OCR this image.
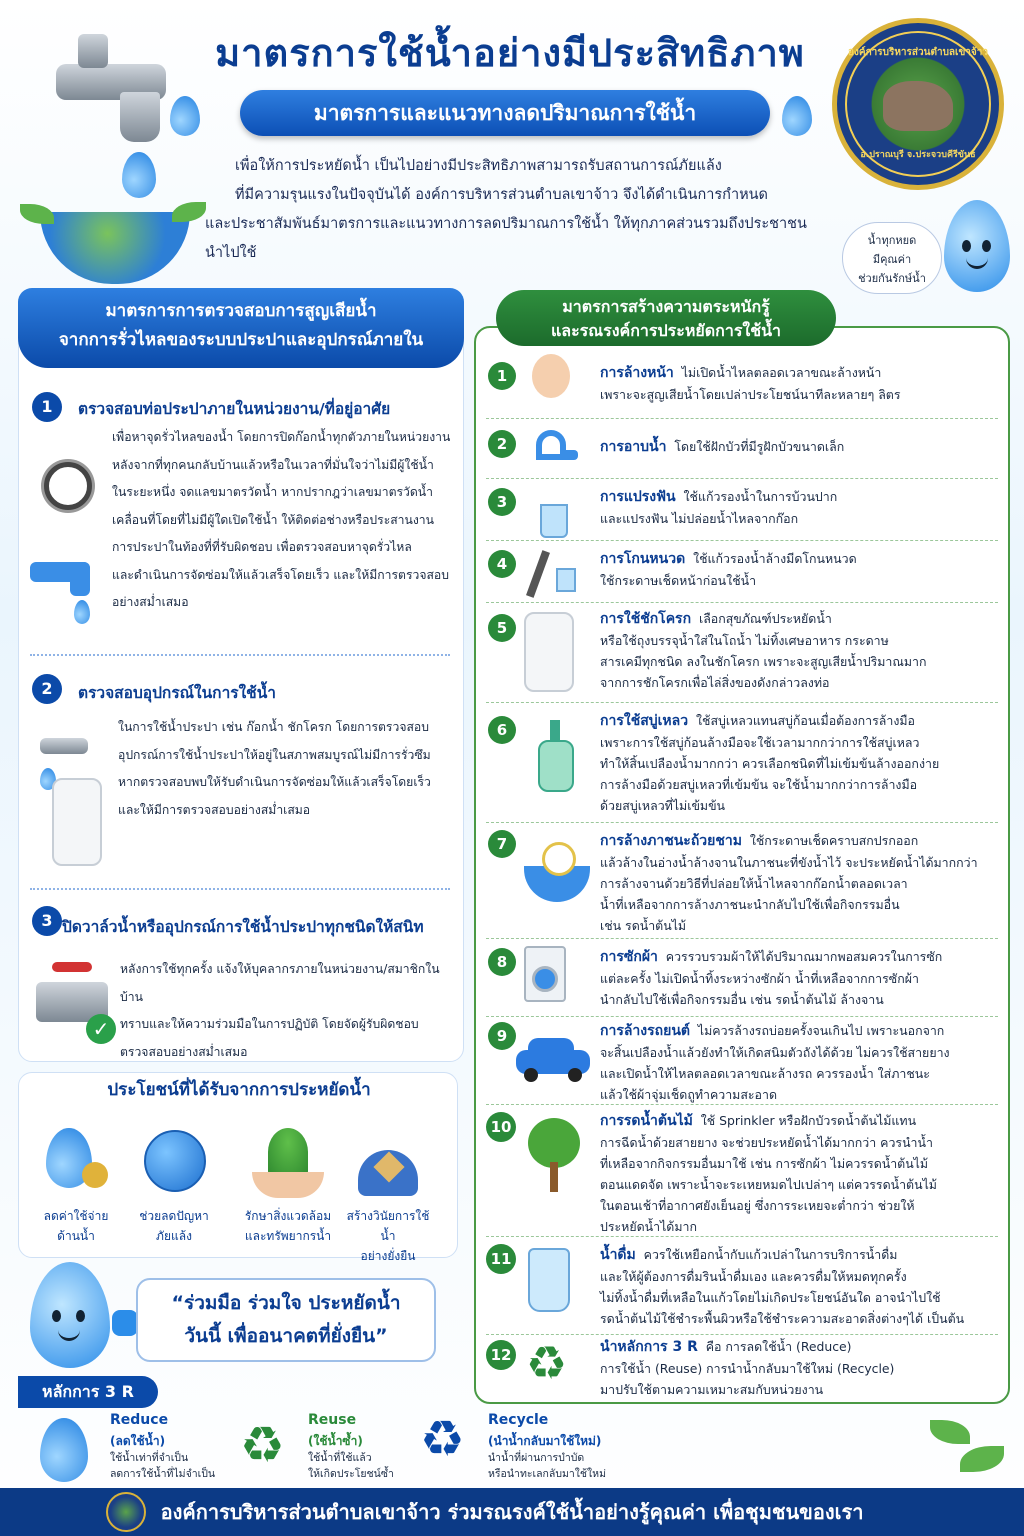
มาตรการใช้น้ำอย่างมีประสิทธิภาพ
มาตรการและแนวทางลดปริมาณการใช้น้ำ
เพื่อให้การประหยัดน้ำ เป็นไปอย่างมีประสิทธิภาพสามารถรับสถานการณ์ภัยแล้ง
ที่มีความรุนแรงในปัจจุบันได้ องค์การบริหารส่วนตำบลเขาจ้าว จึงได้ดำเนินการกำหนด
และประชาสัมพันธ์มาตรการและแนวทางการลดปริมาณการใช้น้ำ ให้ทุกภาคส่วนรวมถึงประชาชน
นำไปใช้
องค์การบริหารส่วนตำบลเขาจ้าว
อ.ปราณบุรี จ.ประจวบคีรีขันธ์
น้ำทุกหยด
มีคุณค่า
ช่วยกันรักษ์น้ำ
มาตรการการตรวจสอบการสูญเสียน้ำ
จากการรั่วไหลของระบบประปาและอุปกรณ์ภายใน
1	ตรวจสอบท่อประปาภายในหน่วยงาน/ที่อยู่อาศัย
เพื่อหาจุดรั่วไหลของน้ำ โดยการปิดก๊อกน้ำทุกตัวภายในหน่วยงาน
หลังจากที่ทุกคนกลับบ้านแล้วหรือในเวลาที่มั่นใจว่าไม่มีผู้ใช้น้ำ
ในระยะหนึ่ง จดแลขมาตรวัดน้ำ หากปรากฎว่าเลขมาตรวัดน้ำ
เคลื่อนที่โดยที่ไม่มีผู้ใดเปิดใช้น้ำ ให้ติดต่อช่างหรือประสานงาน
การประปาในท้องที่ที่รับผิดชอบ เพื่อตรวจสอบหาจุดรั่วไหล
และดำเนินการจัดซ่อมให้แล้วเสร็จโดยเร็ว และให้มีการตรวจสอบ
อย่างสม่ำเสมอ
2	ตรวจสอบอุปกรณ์ในการใช้น้ำ
ในการใช้น้ำประปา เช่น ก๊อกน้ำ ชักโครก โดยการตรวจสอบ
อุปกรณ์การใช้น้ำประปาให้อยู่ในสภาพสมบูรณ์ไม่มีการรั่วซึม
หากตรวจสอบพบให้รับดำเนินการจัดซ่อมให้แล้วเสร็จโดยเร็ว
และให้มีการตรวจสอบอย่างสม่ำเสมอ
3 ปิดวาล์วน้ำหรืออุปกรณ์การใช้น้ำประปาทุกชนิดให้สนิท
✓
หลังการใช้ทุกครั้ง แจ้งให้บุคลากรภายในหน่วยงาน/สมาชิกในบ้าน
ทราบและให้ความร่วมมือในการปฏิบัติ โดยจัดผู้รับผิดชอบ
ตรวจสอบอย่างสม่ำเสมอ
ประโยชน์ที่ได้รับจากการประหยัดน้ำ
ลดค่าใช้จ่าย
ด้านน้ำ
ช่วยลดปัญหา
ภัยแล้ง
รักษาสิ่งแวดล้อม
และทรัพยากรน้ำ
สร้างวินัยการใช้น้ำ
อย่างยั่งยืน
“ร่วมมือ ร่วมใจ ประหยัดน้ำ
วันนี้ เพื่ออนาคตที่ยั่งยืน”
หลักการ 3 R
Reduce
(ลดใช้น้ำ)
ใช้น้ำเท่าที่จำเป็น
ลดการใช้น้ำที่ไม่จำเป็น ♻ Reuse
(ใช้น้ำซ้ำ)
ใช้น้ำที่ใช้แล้ว
ให้เกิดประโยชน์ซ้ำ
♻ Recycle
(นำน้ำกลับมาใช้ใหม่)
นำน้ำที่ผ่านการบำบัด
หรือนำทะเลกลับมาใช้ใหม่
มาตรการสร้างความตระหนักรู้
และรณรงค์การประหยัดการใช้น้ำ
1	การล้างหน้า ไม่เปิดน้ำไหลตลอดเวลาขณะล้างหน้า
เพราะจะสูญเสียน้ำโดยเปล่าประโยชน์นาทีละหลายๆ ลิตร
2	การอาบน้ำ โดยใช้ฝักบัวที่มีรูฝักบัวขนาดเล็ก
3	การแปรงฟัน ใช้แก้วรองน้ำในการบ้วนปาก
และแปรงฟัน ไม่ปล่อยน้ำไหลจากก๊อก
4	การโกนหนวด ใช้แก้วรองน้ำล้างมีดโกนหนวด
ใช้กระดาษเช็ดหน้าก่อนใช้น้ำ
5	การใช้ชักโครก เลือกสุขภัณฑ์ประหยัดน้ำ
หรือใช้ถุงบรรจุน้ำใส่ในโถน้ำ ไม่ทิ้งเศษอาหาร กระดาษ
สารเคมีทุกชนิด ลงในชักโครก เพราะจะสูญเสียน้ำปริมาณมาก
จากการชักโครกเพื่อไล่สิ่งของดังกล่าวลงท่อ
6	การใช้สบู่เหลว ใช้สบู่เหลวแทนสบู่ก้อนเมื่อต้องการล้างมือ
เพราะการใช้สบู่ก้อนล้างมือจะใช้เวลามากกว่าการใช้สบู่เหลว
ทำให้สิ้นเปลืองน้ำมากกว่า ควรเลือกชนิดที่ไม่เข้มข้นล้างออกง่าย
การล้างมือด้วยสบู่เหลวที่เข้มข้น จะใช้น้ำมากกว่าการล้างมือ
ด้วยสบู่เหลวที่ไม่เข้มข้น
7	การล้างภาชนะถ้วยชาม ใช้กระดาษเช็ดคราบสกปรกออก
แล้วล้างในอ่างน้ำล้างจานในภาชนะที่ขังน้ำไว้ จะประหยัดน้ำได้มากกว่า
การล้างจานด้วยวิธีที่ปล่อยให้น้ำไหลจากก๊อกน้ำตลอดเวลา
น้ำที่เหลือจากการล้างภาชนะนำกลับไปใช้เพื่อกิจกรรมอื่น
เช่น รดน้ำต้นไม้
8	การซักผ้า ควรรวบรวมผ้าให้ได้ปริมาณมากพอสมควรในการซัก
แต่ละครั้ง ไม่เปิดน้ำทิ้งระหว่างซักผ้า น้ำที่เหลือจากการซักผ้า
นำกลับไปใช้เพื่อกิจกรรมอื่น เช่น รดน้ำต้นไม้ ล้างจาน
9	การล้างรถยนต์ ไม่ควรล้างรถบ่อยครั้งจนเกินไป เพราะนอกจาก
จะสิ้นเปลืองน้ำแล้วยังทำให้เกิดสนิมตัวถังได้ด้วย ไม่ควรใช้สายยาง
และเปิดน้ำให้ไหลตลอดเวลาขณะล้างรถ ควรรองน้ำ ใส่ภาชนะ
แล้วใช้ผ้าจุ่มเช็ดถูทำความสะอาด
10	การรดน้ำต้นไม้ ใช้ Sprinkler หรือฝักบัวรดน้ำต้นไม้แทน
การฉีดน้ำด้วยสายยาง จะช่วยประหยัดน้ำได้มากกว่า ควรนำน้ำ
ที่เหลือจากกิจกรรมอื่นมาใช้ เช่น การซักผ้า ไม่ควรรดน้ำต้นไม้
ตอนแดดจัด เพราะน้ำจะระเหยหมดไปเปล่าๆ แต่ควรรดน้ำต้นไม้
ในตอนเช้าที่อากาศยังเย็นอยู่ ซึ่งการระเหยจะต่ำกว่า ช่วยให้
ประหยัดน้ำได้มาก
11	น้ำดื่ม ควรใช้เหยือกน้ำกับแก้วเปล่าในการบริการน้ำดื่ม
และให้ผู้ต้องการดื่มรินน้ำดื่มเอง และควรดื่มให้หมดทุกครั้ง
ไม่ทิ้งน้ำดื่มที่เหลือในแก้วโดยไม่เกิดประโยชน์อันใด อาจนำไปใช้
รดน้ำต้นไม้ใช้ชำระพื้นผิวหรือใช้ชำระความสะอาดสิ่งต่างๆได้ เป็นต้น
12 ♻ นำหลักการ 3 R คือ การลดใช้น้ำ (Reduce)
การใช้น้ำ (Reuse) การนำน้ำกลับมาใช้ใหม่ (Recycle)
มาปรับใช้ตามความเหมาะสมกับหน่วยงาน
องค์การบริหารส่วนตำบลเขาจ้าว ร่วมรณรงค์ใช้น้ำอย่างรู้คุณค่า เพื่อชุมชนของเรา
